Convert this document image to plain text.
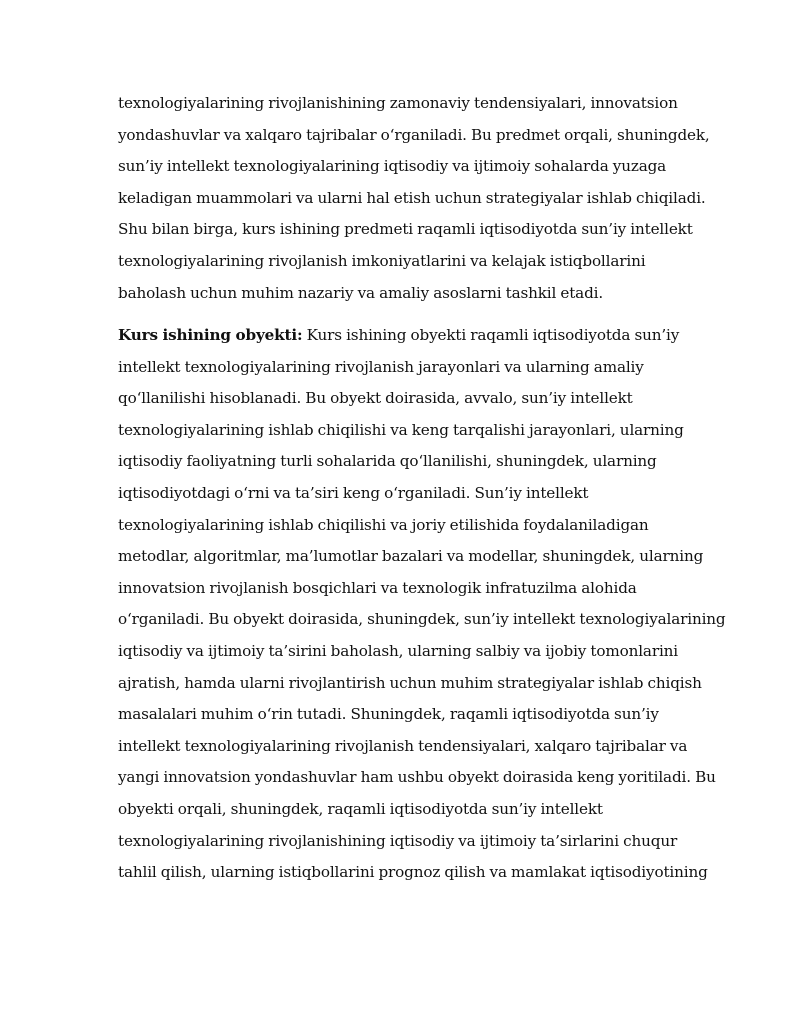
texnologiyalarining rivojlanishining zamonaviy tendensiyalari, innovatsion
yondashuvlar va xalqaro tajribalar o‘rganiladi. Bu predmet orqali, shuningdek,
sun’iy intellekt texnologiyalarining iqtisodiy va ijtimoiy sohalarda yuzaga
keladigan muammolari va ularni hal etish uchun strategiyalar ishlab chiqiladi.
Shu bilan birga, kurs ishining predmeti raqamli iqtisodiyotda sun’iy intellekt
texnologiyalarining rivojlanish imkoniyatlarini va kelajak istiqbollarini
baholash uchun muhim nazariy va amaliy asoslarni tashkil etadi.
Kurs ishining obyekti: Kurs ishining obyekti raqamli iqtisodiyotda sun’iy
intellekt texnologiyalarining rivojlanish jarayonlari va ularning amaliy
qo‘llanilishi hisoblanadi. Bu obyekt doirasida, avvalo, sun’iy intellekt
texnologiyalarining ishlab chiqilishi va keng tarqalishi jarayonlari, ularning
iqtisodiy faoliyatning turli sohalarida qo‘llanilishi, shuningdek, ularning
iqtisodiyotdagi o‘rni va ta’siri keng o‘rganiladi. Sun’iy intellekt
texnologiyalarining ishlab chiqilishi va joriy etilishida foydalaniladigan
metodlar, algoritmlar, ma’lumotlar bazalari va modellar, shuningdek, ularning
innovatsion rivojlanish bosqichlari va texnologik infratuzilma alohida
o‘rganiladi. Bu obyekt doirasida, shuningdek, sun’iy intellekt texnologiyalarining
iqtisodiy va ijtimoiy ta’sirini baholash, ularning salbiy va ijobiy tomonlarini
ajratish, hamda ularni rivojlantirish uchun muhim strategiyalar ishlab chiqish
masalalari muhim o‘rin tutadi. Shuningdek, raqamli iqtisodiyotda sun’iy
intellekt texnologiyalarining rivojlanish tendensiyalari, xalqaro tajribalar va
yangi innovatsion yondashuvlar ham ushbu obyekt doirasida keng yoritiladi. Bu
obyekti orqali, shuningdek, raqamli iqtisodiyotda sun’iy intellekt
texnologiyalarining rivojlanishining iqtisodiy va ijtimoiy ta’sirlarini chuqur
tahlil qilish, ularning istiqbollarini prognoz qilish va mamlakat iqtisodiyotining
